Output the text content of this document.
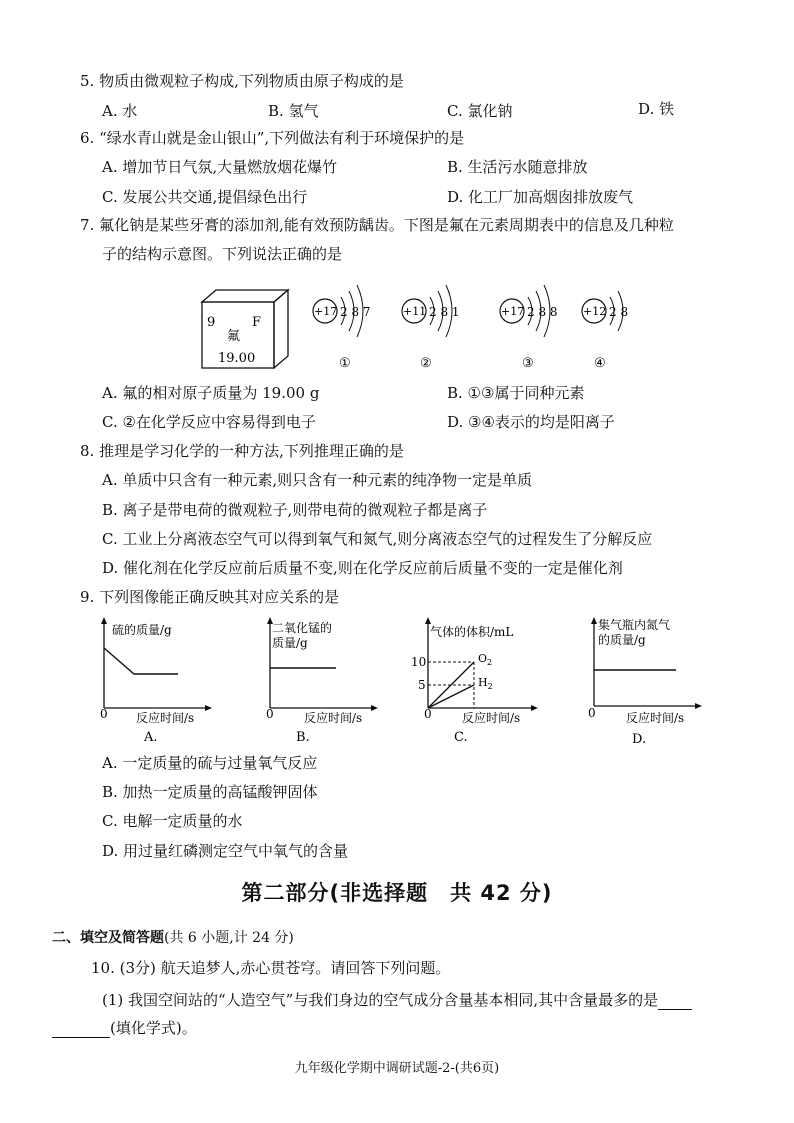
5. 物质由微观粒子构成,下列物质由原子构成的是
A. 水	B. 氢气	C. 氯化钠	D. 铁
6. “绿水青山就是金山银山”,下列做法有利于环境保护的是
A. 增加节日气氛,大量燃放烟花爆竹	B. 生活污水随意排放
C. 发展公共交通,提倡绿色出行	D. 化工厂加高烟囱排放废气
7. 氟化钠是某些牙膏的添加剂,能有效预防龋齿。下图是氟在元素周期表中的信息及几种粒
子的结构示意图。下列说法正确的是
9	F
氟
19.00
+17 2 8 7
①
+11 2 8 1
②
+17 2 8 8
③
+12 2 8
④
A. 氟的相对原子质量为 19.00 g	B. ①③属于同种元素
C. ②在化学反应中容易得到电子	D. ③④表示的均是阳离子
8. 推理是学习化学的一种方法,下列推理正确的是
A. 单质中只含有一种元素,则只含有一种元素的纯净物一定是单质
B. 离子是带电荷的微观粒子,则带电荷的微观粒子都是离子
C. 工业上分离液态空气可以得到氧气和氮气,则分离液态空气的过程发生了分解反应
D. 催化剂在化学反应前后质量不变,则在化学反应前后质量不变的一定是催化剂
9. 下列图像能正确反映其对应关系的是
硫的质量/g
0 反应时间/s
A.
二氧化锰的
质量/g
0	反应时间/s
B.
气体的体积/mL
10
5
$O_2$
$H_2$
0	反应时间/s
C.
集气瓶内氮气
的质量/g
0	反应时间/s
D.
A. 一定质量的硫与过量氧气反应
B. 加热一定质量的高锰酸钾固体
C. 电解一定质量的水
D. 用过量红磷测定空气中氧气的含量
第二部分(非选择题　共 42 分)
二、填空及简答题(共 6 小题,计 24 分)
10. (3分) 航天追梦人,赤心贯苍穹。请回答下列问题。
(1) 我国空间站的“人造空气”与我们身边的空气成分含量基本相同,其中含量最多的是
(填化学式)。
九年级化学期中调研试题-2-(共6页)
